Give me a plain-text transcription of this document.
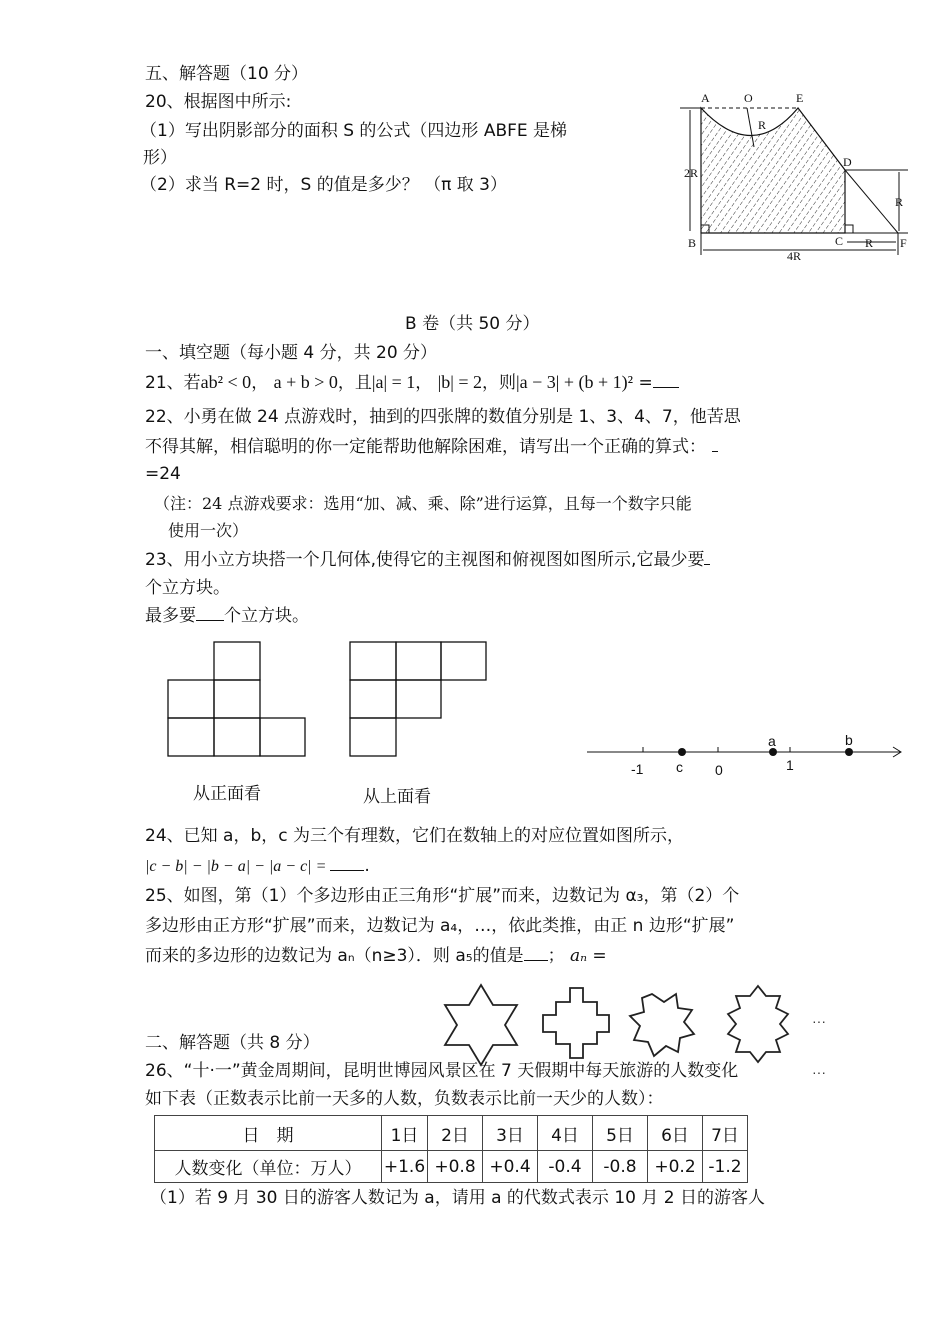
五、解答题（10 分）
20、根据图中所示:
（1）写出阴影部分的面积 S 的公式（四边形 ABFE 是梯
形）
（2）求当 R=2 时，S 的值是多少？ （π 取 3）
A	O	E
R
D
2R
R
B	C R F
4R
B 卷（共 50 分）
一、填空题（每小题 4 分，共 20 分）
21、若ab² < 0， a + b > 0，且|a| = 1， |b| = 2，则|a − 3| + (b + 1)² =
22、小勇在做 24 点游戏时，抽到的四张牌的数值分别是 1、3、4、7，他苦思
不得其解，相信聪明的你一定能帮助他解除困难，请写出一个正确的算式：
=24
（注：24 点游戏要求：选用“加、减、乘、除”进行运算，且每一个数字只能
使用一次）
23、用小立方块搭一个几何体,使得它的主视图和俯视图如图所示,它最少要
个立方块。
最多要 个立方块。
从正面看	从上面看
-1	0	1
c
a	b
24、已知 a，b，c 为三个有理数，它们在数轴上的对应位置如图所示，
|c − b| − |b − a| − |a − c| = .
25、如图，第（1）个多边形由正三角形“扩展”而来，边数记为 α₃，第（2）个
多边形由正方形“扩展”而来，边数记为 a₄，…，依此类推，由正 n 边形“扩展”
而来的多边形的边数记为 aₙ（n≥3）．则 a₅的值是 ； aₙ =
···
···
二、解答题（共 8 分）
26、“十·一”黄金周期间，昆明世博园风景区在 7 天假期中每天旅游的人数变化
如下表（正数表示比前一天多的人数，负数表示比前一天少的人数）：
日　期	1日	2日	3日	4日	5日	6日	7日
人数变化（单位：万人）	+1.6	+0.8	+0.4	-0.4	-0.8	+0.2	-1.2
（1）若 9 月 30 日的游客人数记为 a，请用 a 的代数式表示 10 月 2 日的游客人
